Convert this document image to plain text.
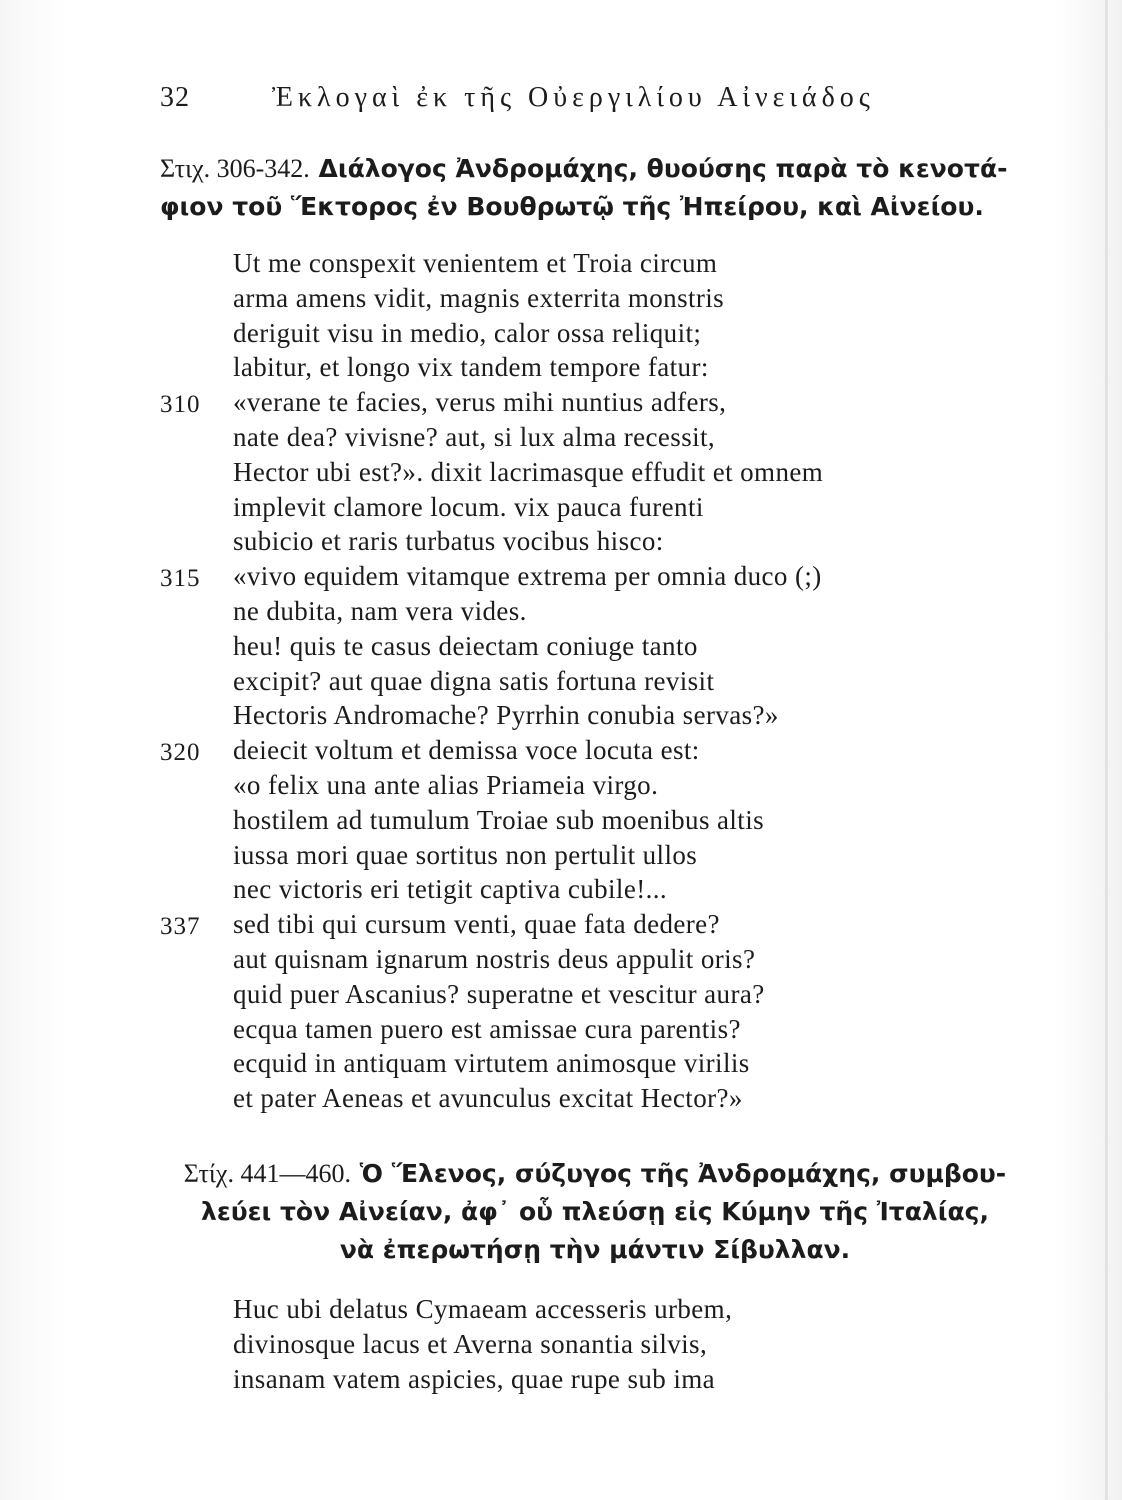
32	Ἐκλογαὶ ἐκ τῆς Οὐεργιλίου Αἰνειάδος
Στιχ. 306-342. Διάλογος Ἀνδρομάχης, θυούσης παρὰ τὸ κενοτά-
φιον τοῦ Ἕκτορος ἐν Βουθρωτῷ τῆς Ἠπείρου, καὶ Αἰνείου.
Ut me conspexit venientem et Troia circum
arma amens vidit, magnis exterrita monstris
deriguit visu in medio, calor ossa reliquit;
labitur, et longo vix tandem tempore fatur:
310	«verane te facies, verus mihi nuntius adfers,
nate dea? vivisne? aut, si lux alma recessit,
Hector ubi est?». dixit lacrimasque effudit et omnem
implevit clamore locum. vix pauca furenti
subicio et raris turbatus vocibus hisco:
315	«vivo equidem vitamque extrema per omnia duco (;)
ne dubita, nam vera vides.
heu! quis te casus deiectam coniuge tanto
excipit? aut quae digna satis fortuna revisit
Hectoris Andromache? Pyrrhin conubia servas?»
320	deiecit voltum et demissa voce locuta est:
«o felix una ante alias Priameia virgo.
hostilem ad tumulum Troiae sub moenibus altis
iussa mori quae sortitus non pertulit ullos
nec victoris eri tetigit captiva cubile!...
337	sed tibi qui cursum venti, quae fata dedere?
aut quisnam ignarum nostris deus appulit oris?
quid puer Ascanius? superatne et vescitur aura?
ecqua tamen puero est amissae cura parentis?
ecquid in antiquam virtutem animosque virilis
et pater Aeneas et avunculus excitat Hector?»
Στίχ. 441—460. Ὁ Ἕλενος, σύζυγος τῆς Ἀνδρομάχης, συμβου-
λεύει τὸν Αἰνείαν, ἀφ᾽ οὗ πλεύσῃ εἰς Κύμην τῆς Ἰταλίας,
νὰ ἐπερωτήσῃ τὴν μάντιν Σίβυλλαν.
Huc ubi delatus Cymaeam accesseris urbem,
divinosque lacus et Averna sonantia silvis,
insanam vatem aspicies, quae rupe sub ima
